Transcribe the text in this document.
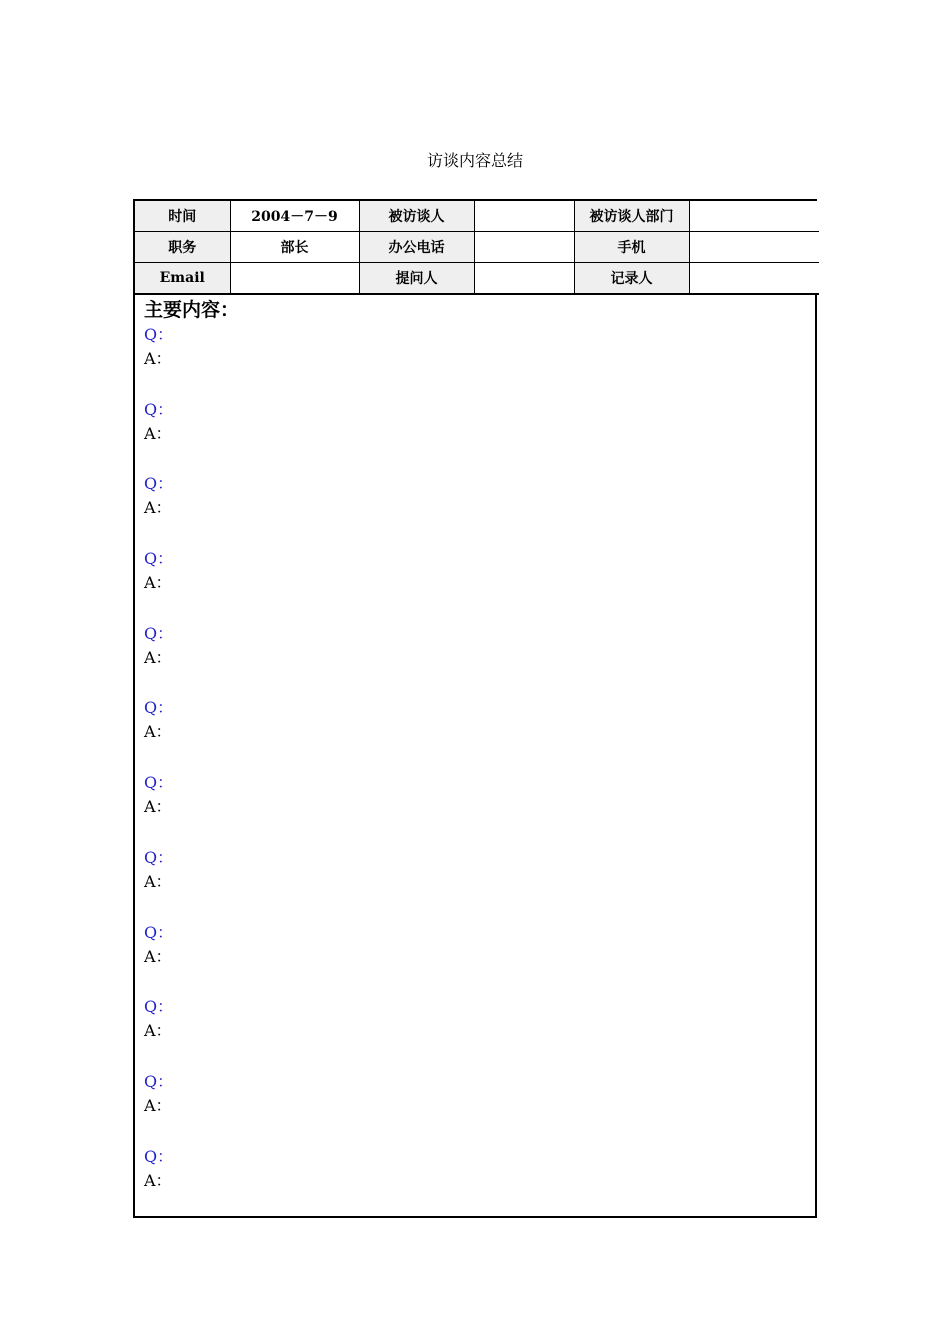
访谈内容总结
时间	2004－7－9	被访谈人		被访谈人部门	
职务	部长	办公电话		手机	
Email		提问人		记录人	
主要内容：
Q：
A：
Q：
A：
Q：
A：
Q：
A：
Q：
A：
Q：
A：
Q：
A：
Q：
A：
Q：
A：
Q：
A：
Q：
A：
Q：
A：
